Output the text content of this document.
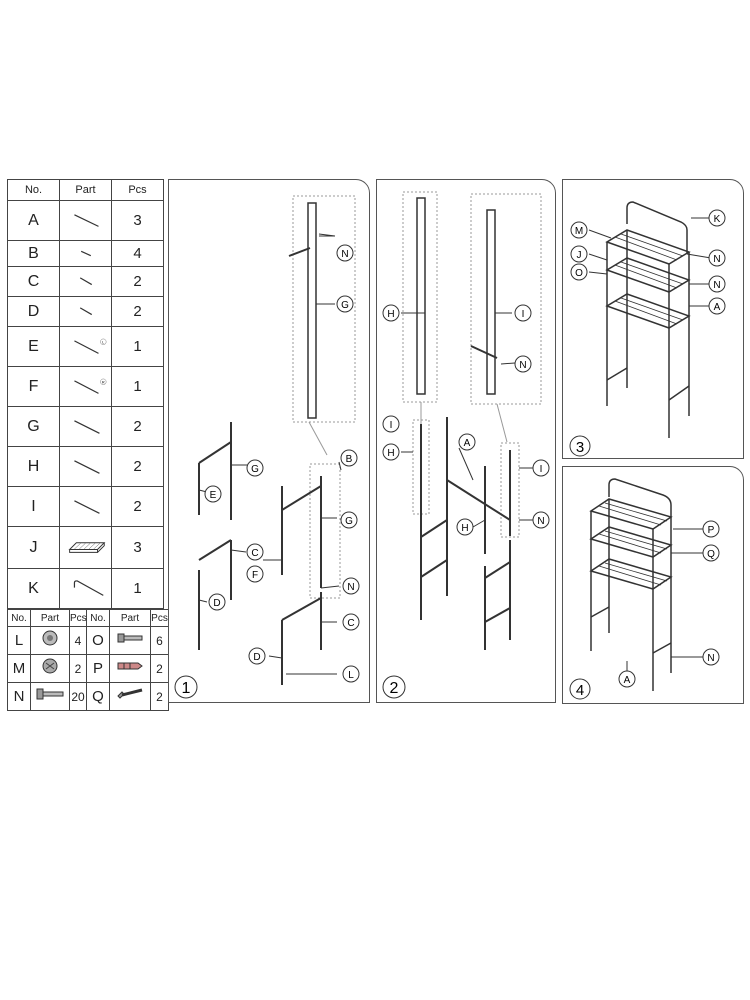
No.	Part	Pcs
A		3
B		4
C		2
D		2
E	L	1
F	R	1
G		2
H		2
I		2
J		3
K		1
No.	Part	Pcs	No.	Part	Pcs
L		4	O		6
M		2	P		2
N		20	Q		2
N
G
G
B
E
C
D
F
G
N
C
D
L
1
H	I
N
I
H
A
I
H
N
2
K
M
N
J
O
N
A
3
P
Q
N
A
4
